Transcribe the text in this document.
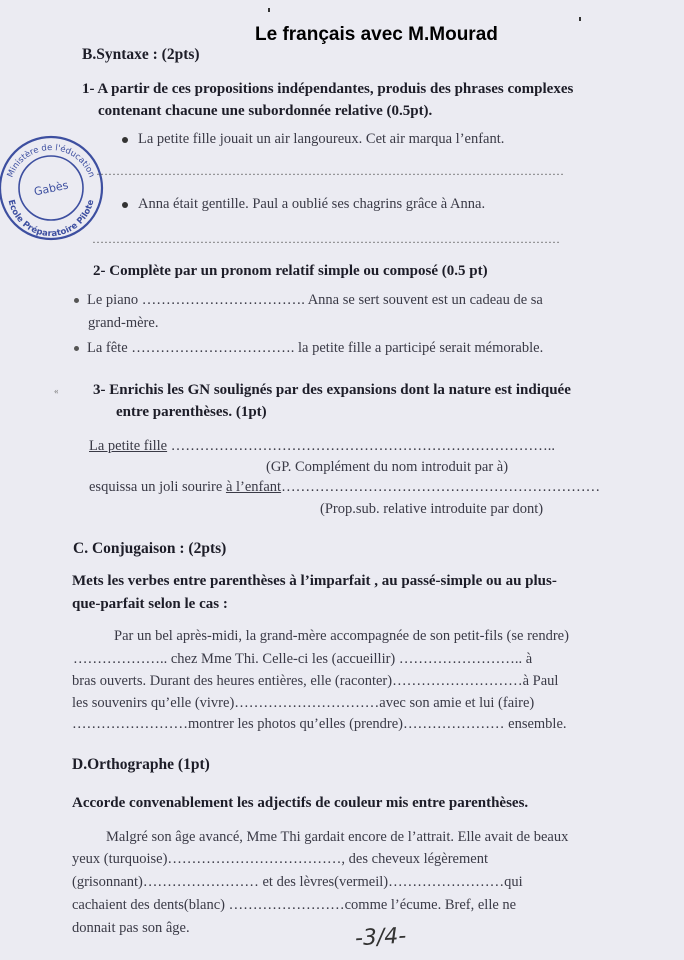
Le français avec M.Mourad
Ministère de l'éducation
Ecole Préparatoire Pilote
Gabès
B.Syntaxe : (2pts)
1- A partir de ces propositions indépendantes, produis des phrases complexes
contenant chacune une subordonnée relative (0.5pt).
La petite fille jouait un air langoureux. Cet air marqua l’enfant.
………………………………………………………………………………………………………
Anna était gentille. Paul a oublié ses chagrins grâce à Anna.
………………………………………………………………………………………………………
2- Complète par un pronom relatif simple ou composé (0.5 pt)
Le piano ……………………………. Anna se sert souvent est un cadeau de sa
grand-mère.
La fête ……………………………. la petite fille a participé serait mémorable.
« 3- Enrichis les GN soulignés par des expansions dont la nature est indiquée
entre parenthèses. (1pt)
La petite fille ……………………………………………………………………..
(GP. Complément du nom introduit par à)
esquissa un joli sourire à l’enfant…………………………………………………………
(Prop.sub. relative introduite par dont)
C. Conjugaison : (2pts)
Mets les verbes entre parenthèses à l’imparfait , au passé-simple ou au plus-
que-parfait selon le cas :
Par un bel après-midi, la grand-mère accompagnée de son petit-fils (se rendre)
……………….. chez Mme Thi. Celle-ci les (accueillir) …………………….. à
bras ouverts. Durant des heures entières, elle (raconter)………………………à Paul
les souvenirs qu’elle (vivre)…………………………avec son amie et lui (faire)
……………………montrer les photos qu’elles (prendre)………………… ensemble.
D.Orthographe (1pt)
Accorde convenablement les adjectifs de couleur mis entre parenthèses.
Malgré son âge avancé, Mme Thi gardait encore de l’attrait. Elle avait de beaux
yeux (turquoise)………………………………, des cheveux légèrement
(grisonnant)…………………… et des lèvres(vermeil)……………………qui
cachaient des dents(blanc) ……………………comme l’écume. Bref, elle ne
donnait pas son âge.	-3/4-
